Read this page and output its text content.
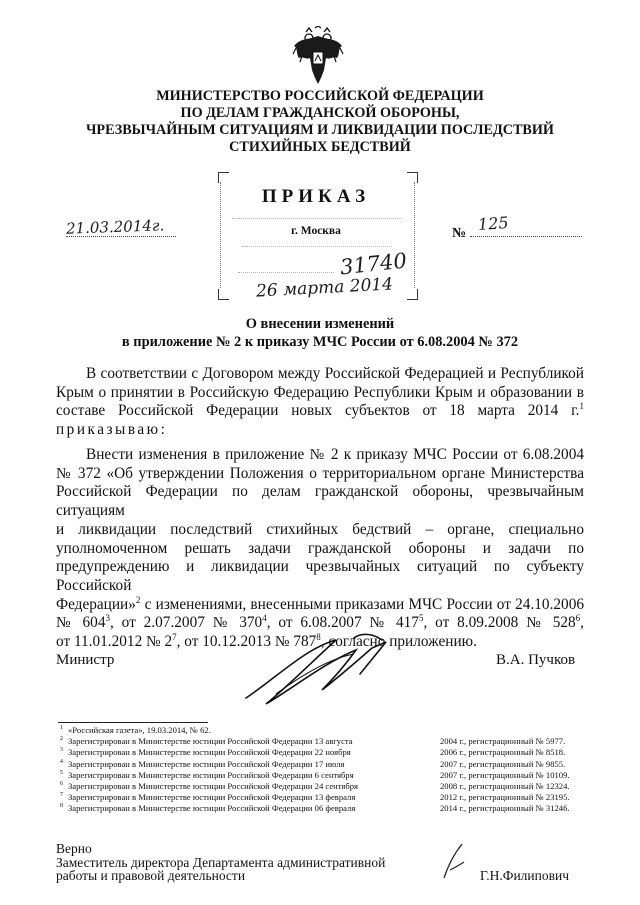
МИНИСТЕРСТВО РОССИЙСКОЙ ФЕДЕРАЦИИ
ПО ДЕЛАМ ГРАЖДАНСКОЙ ОБОРОНЫ,
ЧРЕЗВЫЧАЙНЫМ СИТУАЦИЯМ И ЛИКВИДАЦИИ ПОСЛЕДСТВИЙ
СТИХИЙНЫХ БЕДСТВИЙ
ПРИКАЗ
г. Москва
21.03.2014г.	№ 125
31740
26 марта 2014
О внесении изменений
в приложение № 2 к приказу МЧС России от 6.08.2004 № 372
В соответствии с Договором между Российской Федерацией и Республикой
Крым о принятии в Российскую Федерацию Республики Крым и образовании в
составе Российской Федерации новых субъектов от 18 марта 2014 г.$^1$
приказываю:
Внести изменения в приложение № 2 к приказу МЧС России от 6.08.2004
№ 372 «Об утверждении Положения о территориальном органе Министерства
Российской Федерации по делам гражданской обороны, чрезвычайным ситуациям
и ликвидации последствий стихийных бедствий – органе, специально
уполномоченном решать задачи гражданской обороны и задачи по
предупреждению и ликвидации чрезвычайных ситуаций по субъекту Российской
Федерации»$^2$ с изменениями, внесенными приказами МЧС России от 24.10.2006
№ $604^3$, от 2.07.2007 № $370^4$, от 6.08.2007 № $417^5$, от 8.09.2008 № $528^6$,
от 11.01.2012 № $2^7$, от 10.12.2013 № $787^8$, согласно приложению.
Министр	В.А. Пучков
1 «Российская газета», 19.03.2014, № 62.
2 Зарегистрирован в Министерстве юстиции Российской Федерации 13 августа	2004 г., регистрационный № 5977.
3 Зарегистрирован в Министерстве юстиции Российской Федерации 22 ноября	2006 г., регистрационный № 8518.
4 Зарегистрирован в Министерстве юстиции Российской Федерации 17 июля	2007 г., регистрационный № 9855.
5 Зарегистрирован в Министерстве юстиции Российской Федерации 6 сентября	2007 г., регистрационный № 10109.
6 Зарегистрирован в Министерстве юстиции Российской Федерации 24 сентября	2008 г., регистрационный № 12324.
7 Зарегистрирован в Министерстве юстиции Российской Федерации 13 февраля	2012 г., регистрационный № 23195.
8 Зарегистрирован в Министерстве юстиции Российской Федерации 06 февраля	2014 г., регистрационный № 31246.
Верно
Заместитель директора Департамента административной
работы и правовой деятельности	Г.Н.Филипович
